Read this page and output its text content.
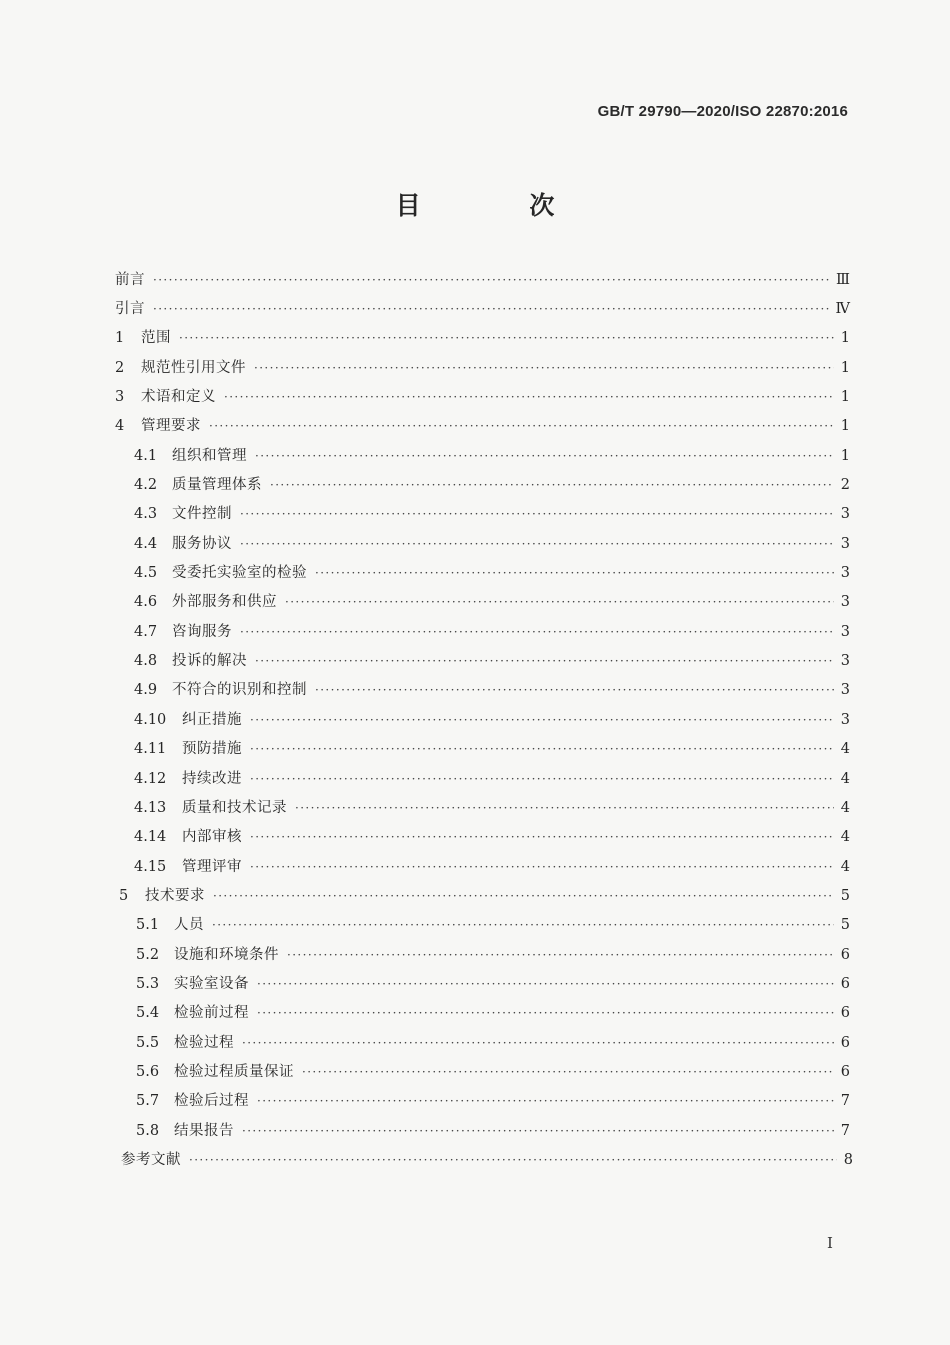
GB/T 29790—2020/ISO 22870:2016
目 次
前言 ·····	Ⅲ
引言 ·····	Ⅳ
1	范围 ·····	1
2	规范性引用文件 ·····	1
3	术语和定义 ·····	1
4	管理要求 ·····	1
4.1	组织和管理 ·····	1
4.2	质量管理体系 ·····	2
4.3	文件控制 ·····	3
4.4	服务协议 ·····	3
4.5	受委托实验室的检验 ·····	3
4.6	外部服务和供应 ·····	3
4.7	咨询服务 ·····	3
4.8	投诉的解决 ·····	3
4.9	不符合的识别和控制 ·····	3
4.10	纠正措施 ·····	3
4.11	预防措施 ·····	4
4.12	持续改进 ·····	4
4.13	质量和技术记录 ·····	4
4.14	内部审核 ·····	4
4.15	管理评审 ·····	4
5	技术要求 ·····	5
5.1	人员 ·····	5
5.2	设施和环境条件 ·····	6
5.3	实验室设备 ·····	6
5.4	检验前过程 ·····	6
5.5	检验过程 ·····	6
5.6	检验过程质量保证 ·····	6
5.7	检验后过程 ·····	7
5.8	结果报告 ·····	7
参考文献 ·····	8
I
